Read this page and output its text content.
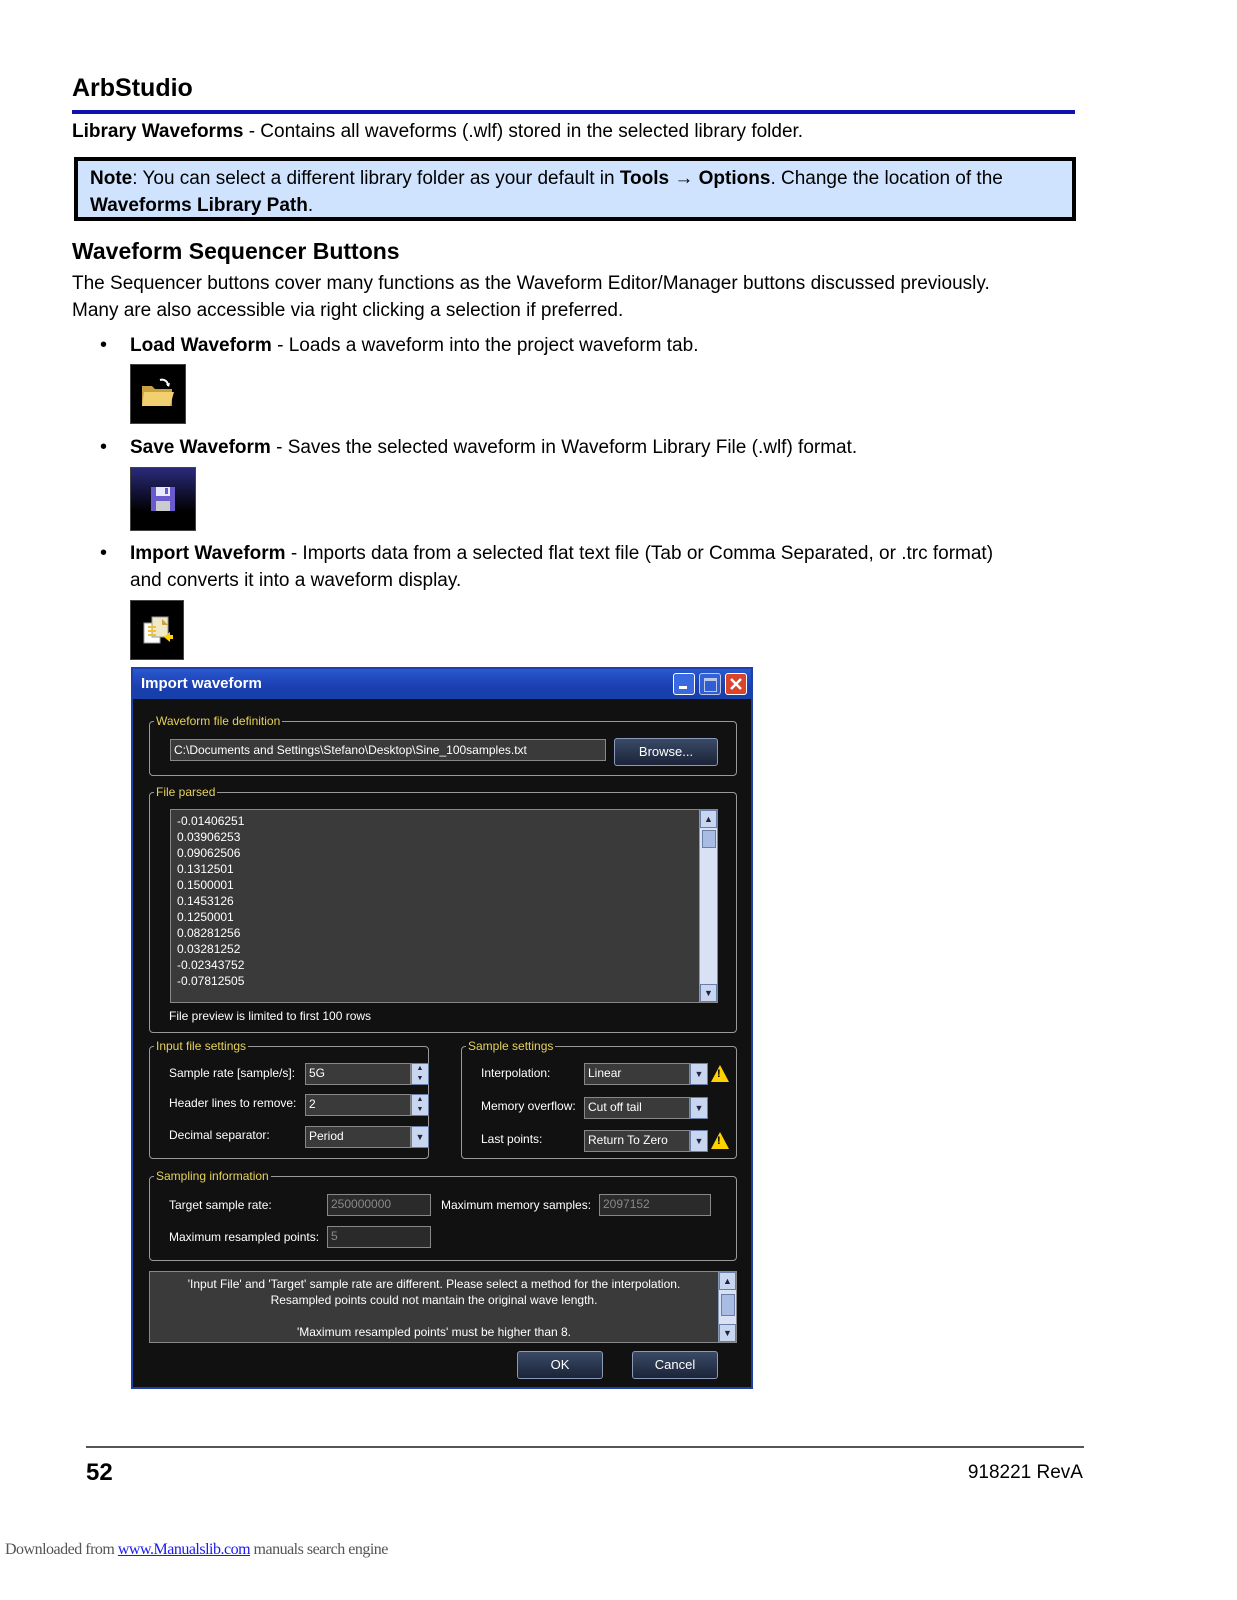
ArbStudio
Library Waveforms - Contains all waveforms (.wlf) stored in the selected library folder.
Note: You can select a different library folder as your default in Tools → Options. Change the location of the
Waveforms Library Path.
Waveform Sequencer Buttons
The Sequencer buttons cover many functions as the Waveform Editor/Manager buttons discussed previously.
Many are also accessible via right clicking a selection if preferred.
• Load Waveform - Loads a waveform into the project waveform tab.
• Save Waveform - Saves the selected waveform in Waveform Library File (.wlf) format.
• Import Waveform - Imports data from a selected flat text file (Tab or Comma Separated, or .trc format)
and converts it into a waveform display.
Import waveform
Waveform file definition
C:\Documents and Settings\Stefano\Desktop\Sine_100samples.txt	Browse...
File parsed
-0.01406251
0.03906253
0.09062506
0.1312501
0.1500001
0.1453126
0.1250001
0.08281256
0.03281252
-0.02343752
-0.07812505
▲
▼
File preview is limited to first 100 rows
Input file settings
Sample rate [sample/s]:	5G	▲
▼
Header lines to remove:	2	▲
▼
Decimal separator:	Period	▼
Sample settings
Interpolation:	Linear	▼	!
Memory overflow:	Cut off tail	▼
Last points:	Return To Zero	▼	!
Sampling information
Target sample rate:	250000000	Maximum memory samples: 2097152
Maximum resampled points: 5
'Input File' and 'Target' sample rate are different. Please select a method for the interpolation.
Resampled points could not mantain the original wave length.
'Maximum resampled points' must be higher than 8.
▲
▼
OK	Cancel
52	918221 RevA
Downloaded from www.Manualslib.com manuals search engine
